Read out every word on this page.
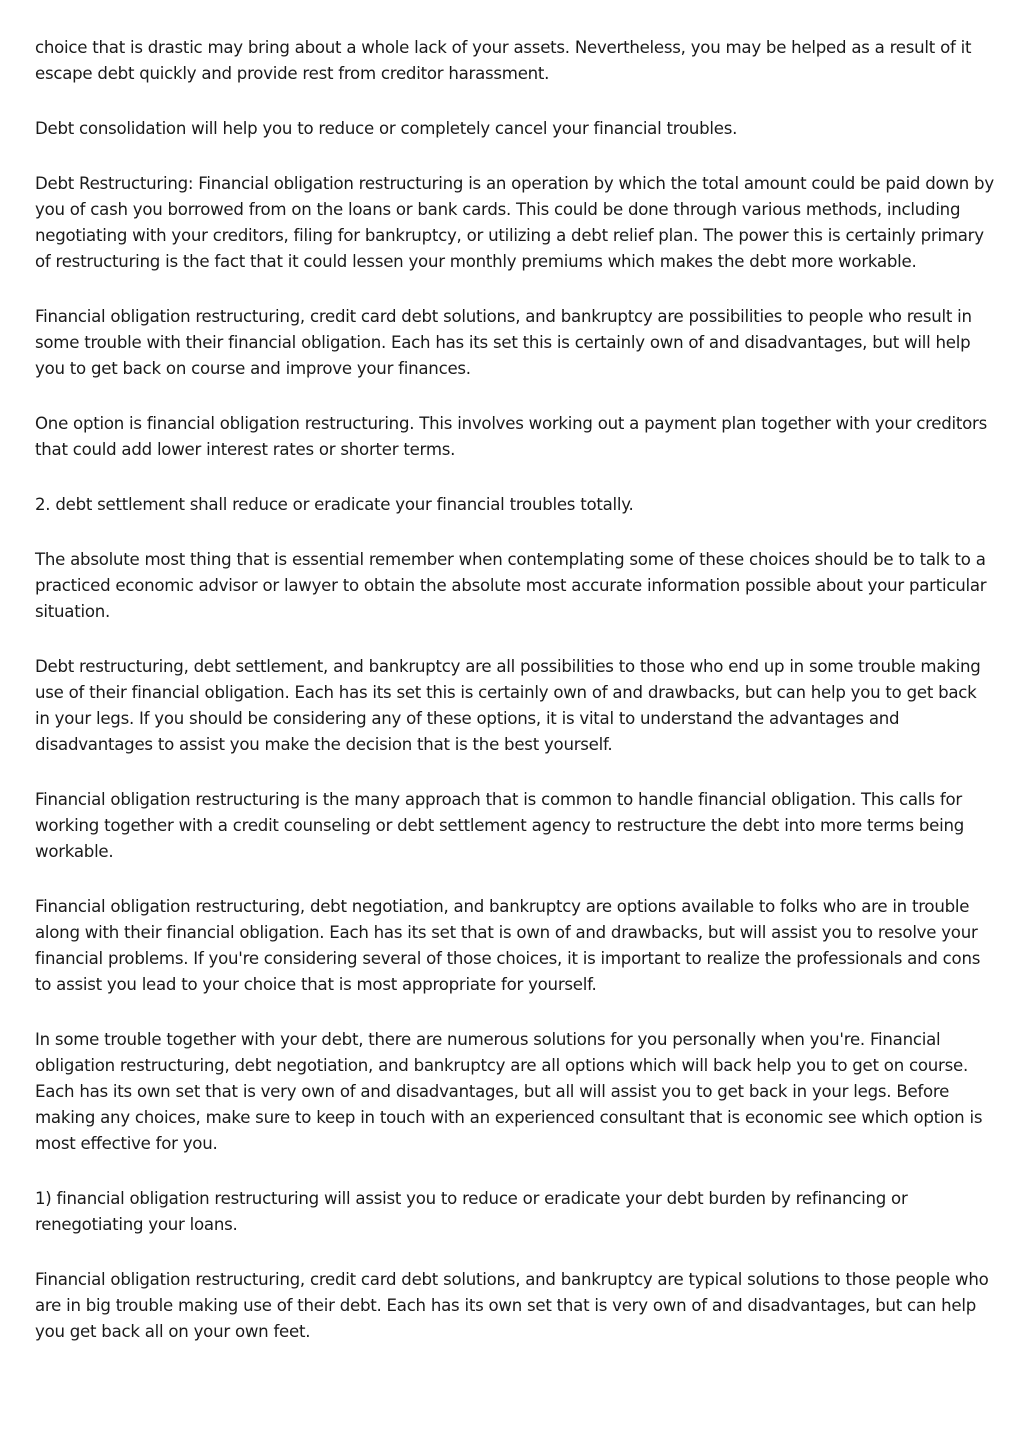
choice that is drastic may bring about a whole lack of your assets. Nevertheless, you may be helped as a result of it escape debt quickly and provide rest from creditor harassment.

Debt consolidation will help you to reduce or completely cancel your financial troubles.

Debt Restructuring: Financial obligation restructuring is an operation by which the total amount could be paid down by you of cash you borrowed from on the loans or bank cards. This could be done through various methods, including negotiating with your creditors, filing for bankruptcy, or utilizing a debt relief plan. The power this is certainly primary of restructuring is the fact that it could lessen your monthly premiums which makes the debt more workable.

Financial obligation restructuring, credit card debt solutions, and bankruptcy are possibilities to people who result in some trouble with their financial obligation. Each has its set this is certainly own of and disadvantages, but will help you to get back on course and improve your finances.

One option is financial obligation restructuring. This involves working out a payment plan together with your creditors that could add lower interest rates or shorter terms.

2. debt settlement shall reduce or eradicate your financial troubles totally.

The absolute most thing that is essential remember when contemplating some of these choices should be to talk to a practiced economic advisor or lawyer to obtain the absolute most accurate information possible about your particular situation.

Debt restructuring, debt settlement, and bankruptcy are all possibilities to those who end up in some trouble making use of their financial obligation. Each has its set this is certainly own of and drawbacks, but can help you to get back in your legs. If you should be considering any of these options, it is vital to understand the advantages and disadvantages to assist you make the decision that is the best yourself.

Financial obligation restructuring is the many approach that is common to handle financial obligation. This calls for working together with a credit counseling or debt settlement agency to restructure the debt into more terms being workable.

Financial obligation restructuring, debt negotiation, and bankruptcy are options available to folks who are in trouble along with their financial obligation. Each has its set that is own of and drawbacks, but will assist you to resolve your financial problems. If you're considering several of those choices, it is important to realize the professionals and cons to assist you lead to your choice that is most appropriate for yourself.

In some trouble together with your debt, there are numerous solutions for you personally when you're. Financial obligation restructuring, debt negotiation, and bankruptcy are all options which will back help you to get on course. Each has its own set that is very own of and disadvantages, but all will assist you to get back in your legs. Before making any choices, make sure to keep in touch with an experienced consultant that is economic see which option is most effective for you.

1) financial obligation restructuring will assist you to reduce or eradicate your debt burden by refinancing or renegotiating your loans.

Financial obligation restructuring, credit card debt solutions, and bankruptcy are typical solutions to those people who are in big trouble making use of their debt. Each has its own set that is very own of and disadvantages, but can help you get back all on your own feet.
